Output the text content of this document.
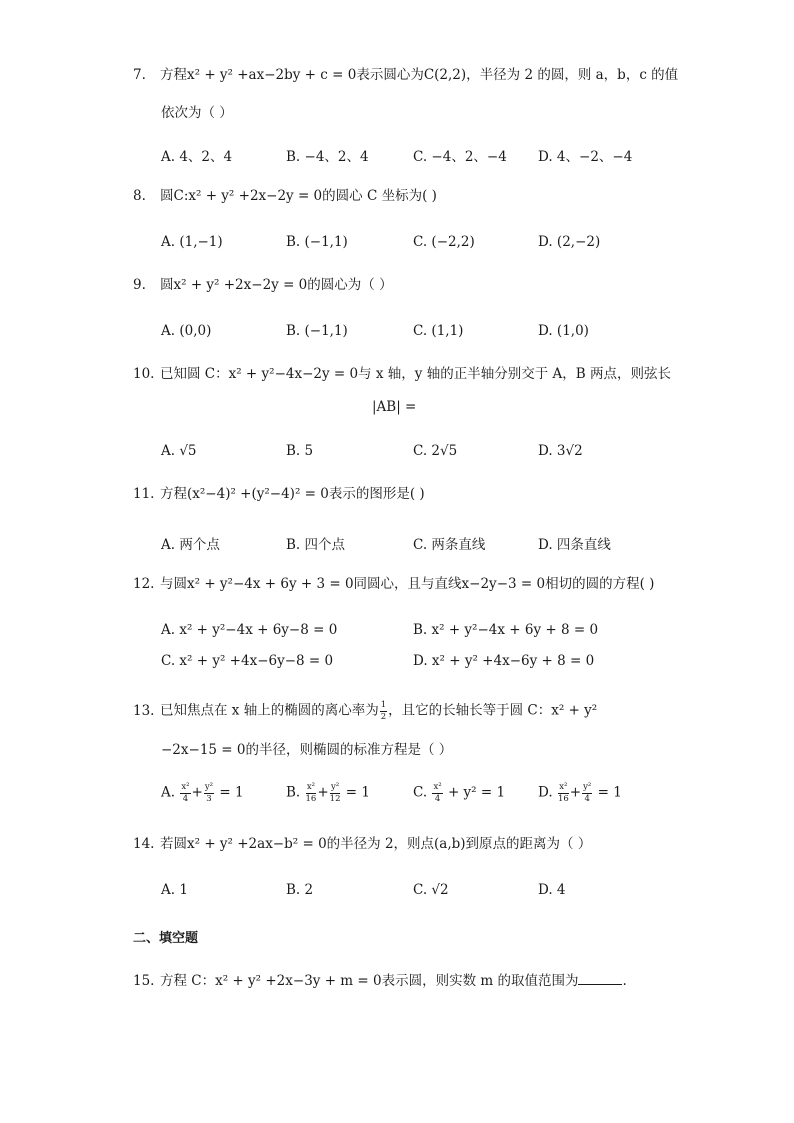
7. 方程x² + y² +ax−2by + c = 0表示圆心为C(2,2)，半径为 2 的圆，则 a，b，c 的值
依次为（ ）
A. 4、2、4	B. −4、2、4	C. −4、2、−4 D. 4、−2、−4
8. 圆C:x² + y² +2x−2y = 0的圆心 C 坐标为( )
A. (1,−1)	B. (−1,1)	C. (−2,2)	D. (2,−2)
9. 圆x² + y² +2x−2y = 0的圆心为（ ）
A. (0,0)	B. (−1,1)	C. (1,1)	D. (1,0)
10. 已知圆 C：x² + y²−4x−2y = 0与 x 轴，y 轴的正半轴分别交于 A，B 两点，则弦长
|AB| =
A. √5	B. 5	C. 2√5	D. 3√2
11. 方程(x²−4)² +(y²−4)² = 0表示的图形是( )
A. 两个点	B. 四个点	C. 两条直线	D. 四条直线
12. 与圆x² + y²−4x + 6y + 3 = 0同圆心，且与直线x−2y−3 = 0相切的圆的方程( )
A. x² + y²−4x + 6y−8 = 0	B. x² + y²−4x + 6y + 8 = 0
C. x² + y² +4x−6y−8 = 0	D. x² + y² +4x−6y + 8 = 0
13. 已知焦点在 x 轴上的椭圆的离心率为 $\frac{1}{2}$ ，且它的长轴长等于圆 C：x² + y²
−2x−15 = 0的半径，则椭圆的标准方程是（ ）
A. $\frac{\text{x²}}{4} + \frac{\text{y²}}{3} = 1$	B. $\frac{\text{x²}}{16} + \frac{\text{y²}}{12} = 1$	C. $\frac{\text{x²}}{4} + y^2 = 1$ D. $\frac{\text{x²}}{16} + \frac{\text{y²}}{4} = 1$
14. 若圆x² + y² +2ax−b² = 0的半径为 2，则点(a,b)到原点的距离为（ ）
A. 1	B. 2	C. √2	D. 4
二、填空题
15. 方程 C：x² + y² +2x−3y + m = 0表示圆，则实数 m 的取值范围为	.
